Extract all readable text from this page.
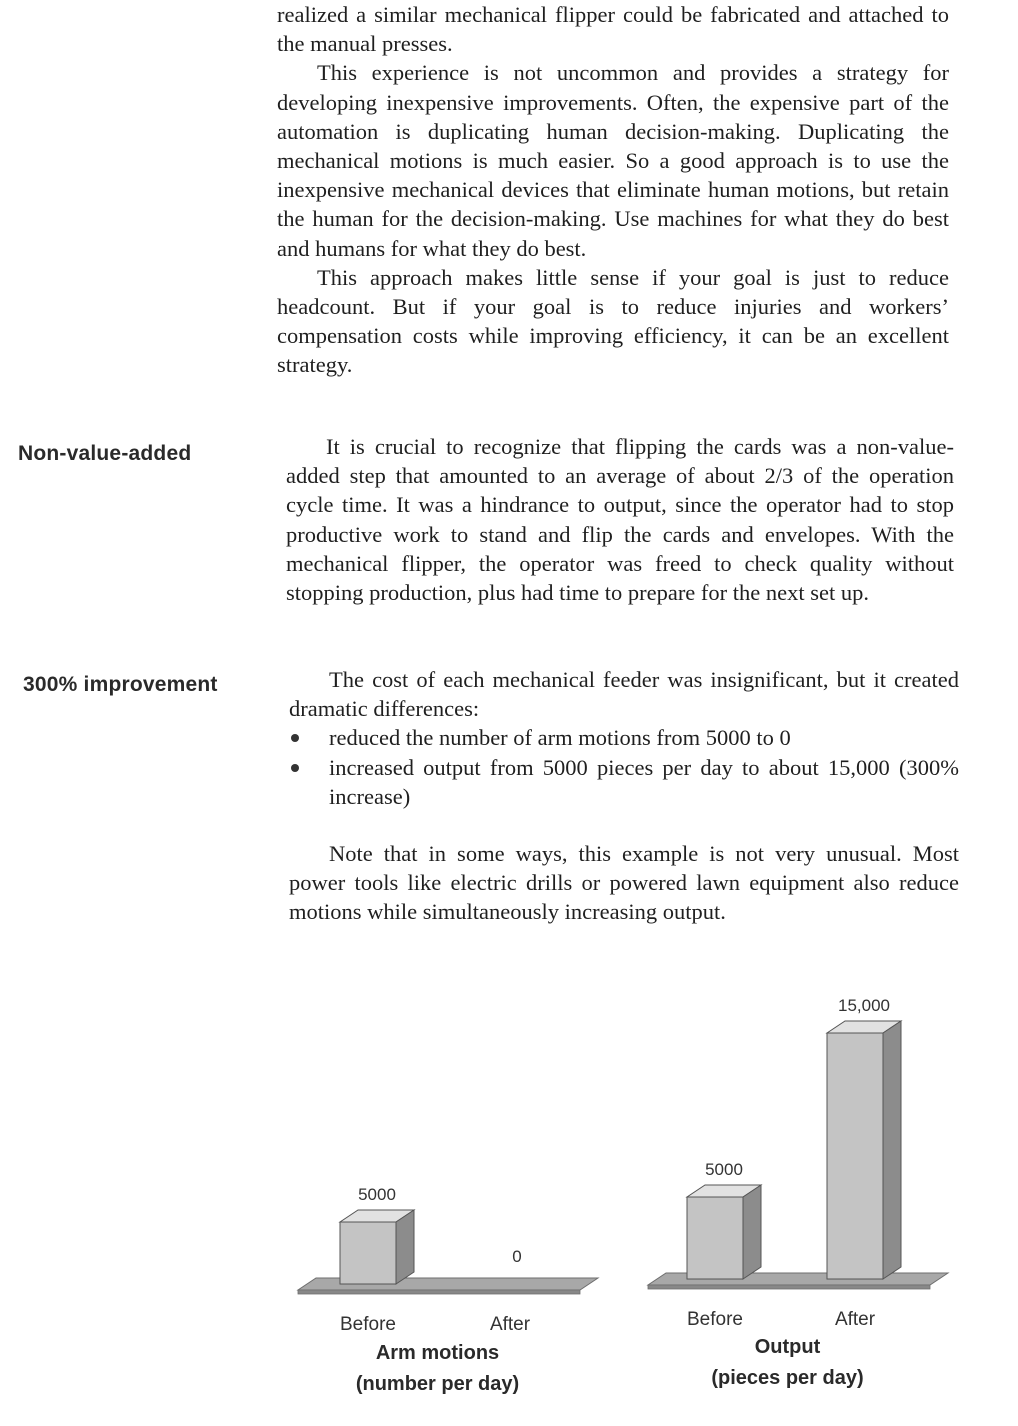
realized a similar mechanical flipper could be fabricated and attached to the manual presses.

This experience is not uncommon and provides a strategy for developing inexpensive improvements. Often, the expensive part of the automation is duplicating human decision-making. Duplicating the mechanical motions is much easier. So a good approach is to use the inexpensive mechanical devices that eliminate human motions, but retain the human for the decision-making. Use machines for what they do best and humans for what they do best.

This approach makes little sense if your goal is just to reduce headcount. But if your goal is to reduce injuries and workers’ compensation costs while improving efficiency, it can be an excellent strategy.

Non-value-added	It is crucial to recognize that flipping the cards was a non-value-added step that amounted to an average of about 2/3 of the operation cycle time. It was a hindrance to output, since the operator had to stop productive work to stand and flip the cards and envelopes. With the mechanical flipper, the operator was freed to check quality without stopping production, plus had time to prepare for the next set up.

300% improvement	The cost of each mechanical feeder was insignificant, but it created dramatic differences:

reduced the number of arm motions from 5000 to 0
increased output from 5000 pieces per day to about 15,000 (300% increase)

Note that in some ways, this example is not very unusual. Most power tools like electric drills or powered lawn equipment also reduce motions while simultaneously increasing output.

5000
Before
0
After
Arm motions
(number per day)
5000
Before
15,000
After
Output
(pieces per day)
